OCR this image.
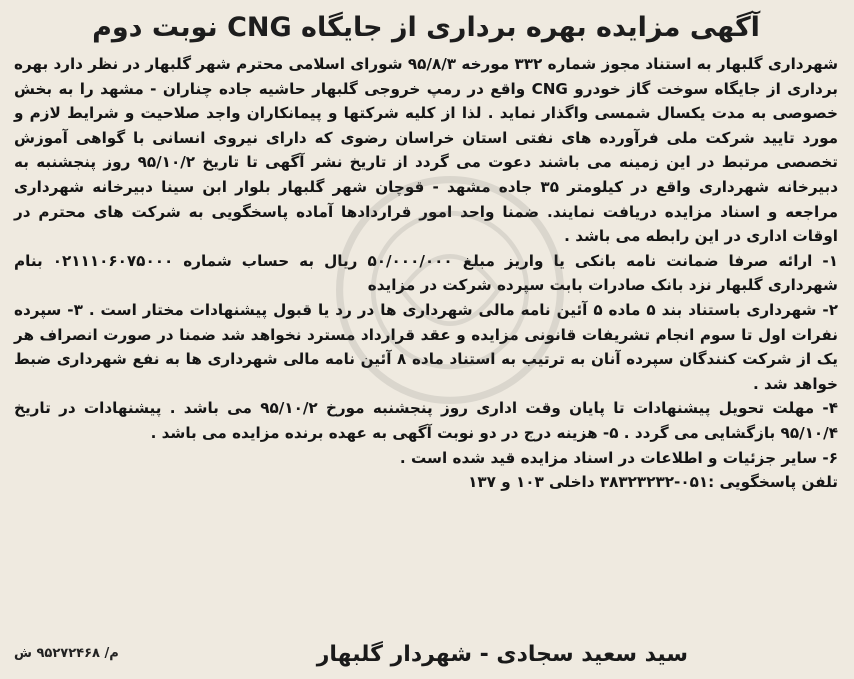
آگهی مزایده بهره برداری از جایگاه CNG نوبت دوم

شهرداری گلبهار به استناد مجوز شماره ۳۳۲ مورخه ۹۵/۸/۳ شورای اسلامی محترم شهر گلبهار در نظر دارد بهره برداری از جایگاه سوخت گاز خودرو CNG واقع در رمپ خروجی گلبهار حاشیه جاده چناران - مشهد را به بخش خصوصی به مدت یکسال شمسی واگذار نماید . لذا از کلیه شرکتها و پیمانکاران واجد صلاحیت و شرایط لازم و مورد تایید شرکت ملی فرآورده های نفتی استان خراسان رضوی که دارای نیروی انسانی با گواهی آموزش تخصصی مرتبط در این زمینه می باشند دعوت می گردد از تاریخ نشر آگهی تا تاریخ ۹۵/۱۰/۲ روز پنجشنبه به دبیرخانه شهرداری واقع در کیلومتر ۳۵ جاده مشهد - قوچان شهر گلبهار بلوار ابن سینا دبیرخانه شهرداری مراجعه و اسناد مزایده دریافت نمایند. ضمنا واحد امور قراردادها آماده پاسخگویی به شرکت های محترم در اوقات اداری در این رابطه می باشد .

۱- ارائه صرفا ضمانت نامه بانکی یا واریز مبلغ ۵۰/۰۰۰/۰۰۰ ریال به حساب شماره ۰۲۱۱۱۰۶۰۷۵۰۰۰ بنام شهرداری گلبهار نزد بانک صادرات بابت سپرده شرکت در مزایده

۲- شهرداری باستناد بند ۵ ماده ۵ آئین نامه مالی شهرداری ها در رد یا قبول پیشنهادات مختار است . ۳- سپرده نفرات اول تا سوم انجام تشریفات قانونی مزایده و عقد قرارداد مسترد نخواهد شد ضمنا در صورت انصراف هر یک از شرکت کنندگان سپرده آنان به ترتیب به استناد ماده ۸ آئین نامه مالی شهرداری ها به نفع شهرداری ضبط خواهد شد .

۴- مهلت تحویل پیشنهادات تا پایان وقت اداری روز پنجشنبه مورخ ۹۵/۱۰/۲ می باشد . پیشنهادات در تاریخ ۹۵/۱۰/۴ بازگشایی می گردد . ۵- هزینه درج در دو نوبت آگهی به عهده برنده مزایده می باشد .

۶- سایر جزئیات و اطلاعات در اسناد مزایده قید شده است .

تلفن پاسخگویی :۰۵۱-۳۸۳۲۳۲۳۲ داخلی ۱۰۳ و ۱۳۷

سید سعید سجادی - شهردار گلبهار
م/ ۹۵۲۷۲۴۶۸ ش
